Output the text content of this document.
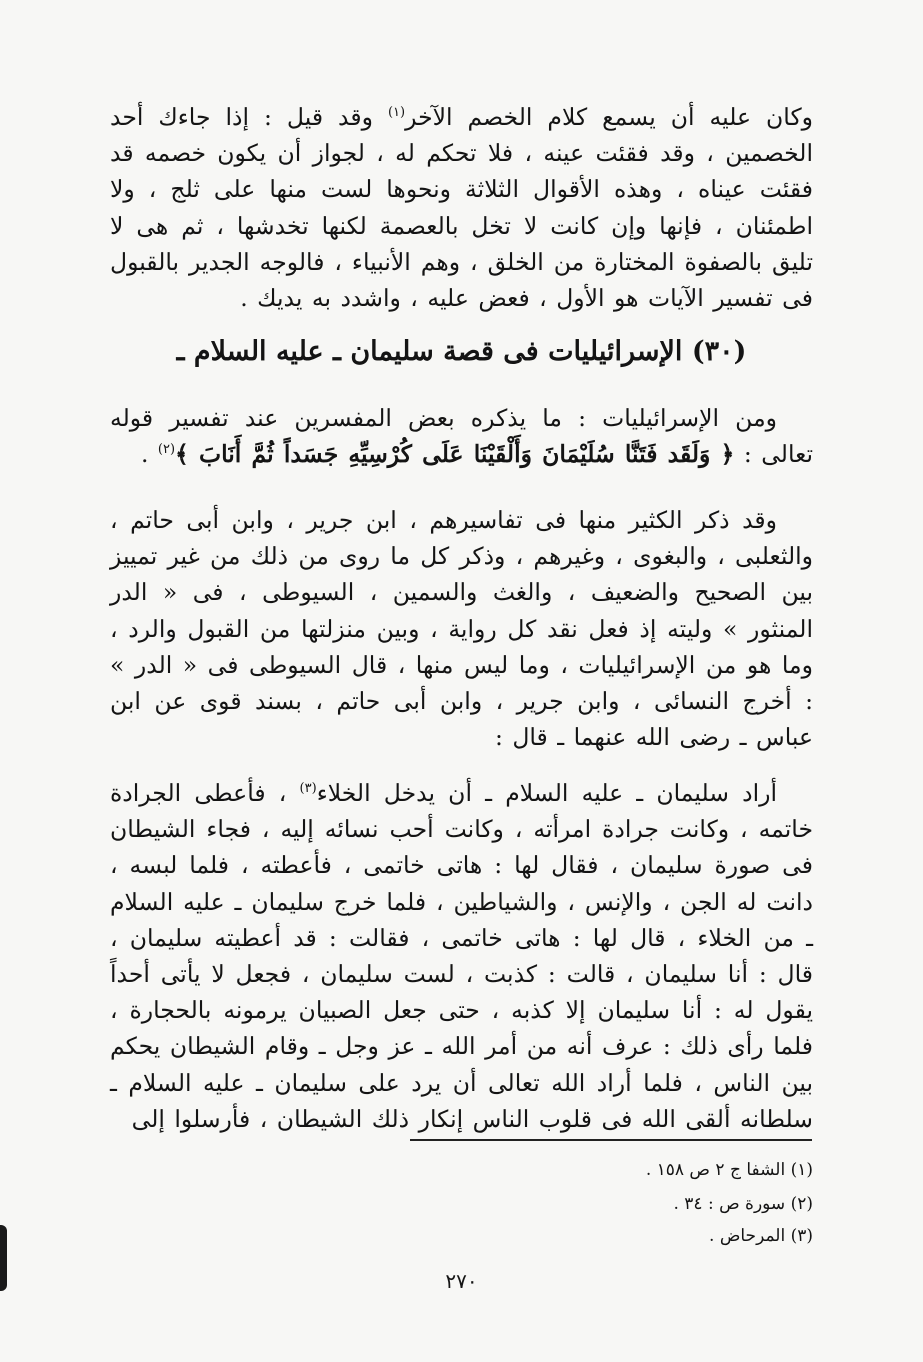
وكان عليه أن يسمع كلام الخصم الآخر$^{(١)}$ وقد قيل : إذا جاءك أحد الخصمين ، وقد فقئت عينه ، فلا تحكم له ، لجواز أن يكون خصمه قد فقئت عيناه ، وهذه الأقوال الثلاثة ونحوها لست منها على ثلج ، ولا اطمئنان ، فإنها وإن كانت لا تخل بالعصمة لكنها تخدشها ، ثم هى لا تليق بالصفوة المختارة من الخلق ، وهم الأنبياء ، فالوجه الجدير بالقبول فى تفسير الآيات هو الأول ، فعض عليه ، واشدد به يديك .
(٣٠) الإسرائيليات فى قصة سليمان ـ عليه السلام ـ
ومن الإسرائيليات : ما يذكره بعض المفسرين عند تفسير قوله تعالى : ﴿ وَلَقَد فَتَنَّا سُلَيْمَانَ وَأَلْقَيْنَا عَلَى كُرْسِيِّهِ جَسَداً ثُمَّ أَنَابَ ﴾$^{(٢)}$ .
وقد ذكر الكثير منها فى تفاسيرهم ، ابن جرير ، وابن أبى حاتم ، والثعلبى ، والبغوى ، وغيرهم ، وذكر كل ما روى من ذلك من غير تمييز بين الصحيح والضعيف ، والغث والسمين ، السيوطى ، فى « الدر المنثور » وليته إذ فعل نقد كل رواية ، وبين منزلتها من القبول والرد ، وما هو من الإسرائيليات ، وما ليس منها ، قال السيوطى فى « الدر » : أخرج النسائى ، وابن جرير ، وابن أبى حاتم ، بسند قوى عن ابن عباس ـ رضى الله عنهما ـ قال :
أراد سليمان ـ عليه السلام ـ أن يدخل الخلاء$^{(٣)}$ ، فأعطى الجرادة خاتمه ، وكانت جرادة امرأته ، وكانت أحب نسائه إليه ، فجاء الشيطان فى صورة سليمان ، فقال لها : هاتى خاتمى ، فأعطته ، فلما لبسه ، دانت له الجن ، والإنس ، والشياطين ، فلما خرج سليمان ـ عليه السلام ـ من الخلاء ، قال لها : هاتى خاتمى ، فقالت : قد أعطيته سليمان ، قال : أنا سليمان ، قالت : كذبت ، لست سليمان ، فجعل لا يأتى أحداً يقول له : أنا سليمان إلا كذبه ، حتى جعل الصبيان يرمونه بالحجارة ، فلما رأى ذلك : عرف أنه من أمر الله ـ عز وجل ـ وقام الشيطان يحكم بين الناس ، فلما أراد الله تعالى أن يرد على سليمان ـ عليه السلام ـ سلطانه ألقى الله فى قلوب الناس إنكار ذلك الشيطان ، فأرسلوا إلى
(١) الشفا ج ٢ ص ١٥٨ .
(٢) سورة ص : ٣٤ .
(٣) المرحاض .
٢٧٠
